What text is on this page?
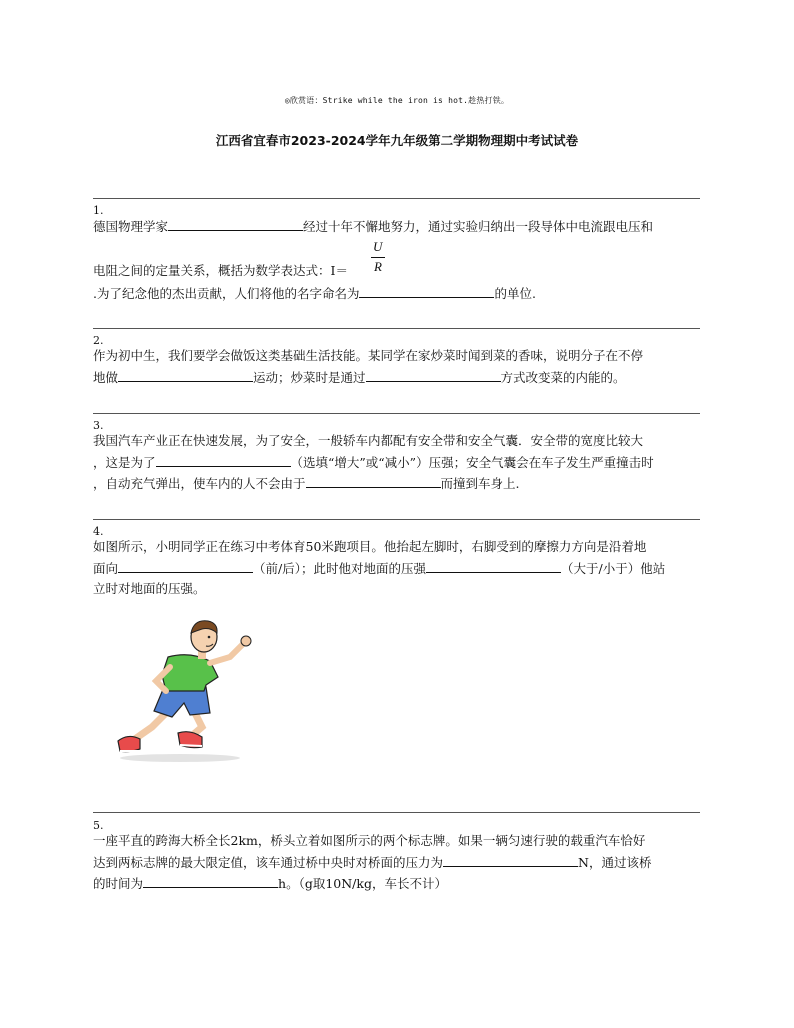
◎欣赏语：Strike while the iron is hot.趁热打铁。
江西省宜春市2023-2024学年九年级第二学期物理期中考试试卷
1.
德国物理学家	经过十年不懈地努力，通过实验归纳出一段导体中电流跟电压和
电阻之间的定量关系，概括为数学表达式：I＝
U
R
.为了纪念他的杰出贡献，人们将他的名字命名为	的单位.
2.
作为初中生，我们要学会做饭这类基础生活技能。某同学在家炒菜时闻到菜的香味，说明分子在不停
地做	运动；炒菜时是通过	方式改变菜的内能的。
3.
我国汽车产业正在快速发展，为了安全，一般轿车内都配有安全带和安全气囊．安全带的宽度比较大
，这是为了	（选填“增大”或“减小”）压强；安全气囊会在车子发生严重撞击时
，自动充气弹出，使车内的人不会由于	而撞到车身上.
4.
如图所示，小明同学正在练习中考体育50米跑项目。他抬起左脚时，右脚受到的摩擦力方向是沿着地
面向	（前/后）；此时他对地面的压强	（大于/小于）他站
立时对地面的压强。
5.
一座平直的跨海大桥全长2km，桥头立着如图所示的两个标志牌。如果一辆匀速行驶的载重汽车恰好
达到两标志牌的最大限定值，该车通过桥中央时对桥面的压力为	N，通过该桥
的时间为	h。（g取10N/kg，车长不计）
